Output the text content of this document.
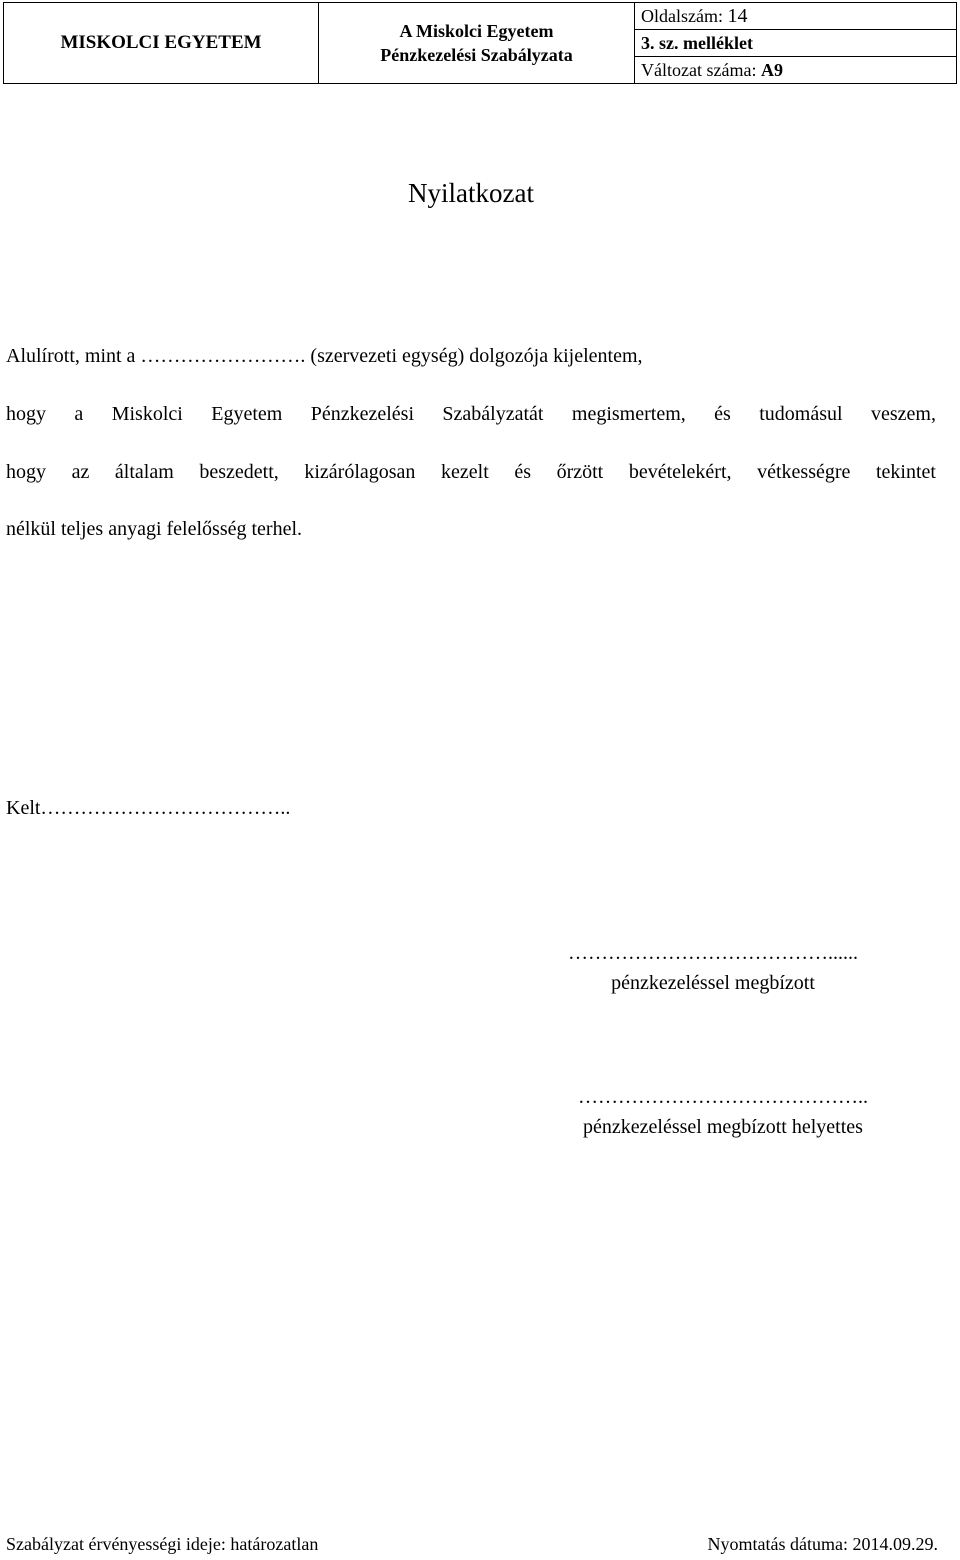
MISKOLCI EGYETEM
A Miskolci Egyetem
Pénzkezelési Szabályzata
Oldalszám: 14
3. sz. melléklet
Változat száma: A9
Nyilatkozat
Alulírott, mint a ……………………. (szervezeti egység) dolgozója kijelentem,
hogy a Miskolci Egyetem Pénzkezelési Szabályzatát megismertem, és tudomásul veszem,
hogy az általam beszedett, kizárólagosan kezelt és őrzött bevételekért, vétkességre tekintet
nélkül teljes anyagi felelősség terhel.
Kelt………………………………..
…………………………………......
pénzkezeléssel megbízott
……………………………………..
pénzkezeléssel megbízott helyettes
Szabályzat érvényességi ideje: határozatlan	Nyomtatás dátuma: 2014.09.29.
